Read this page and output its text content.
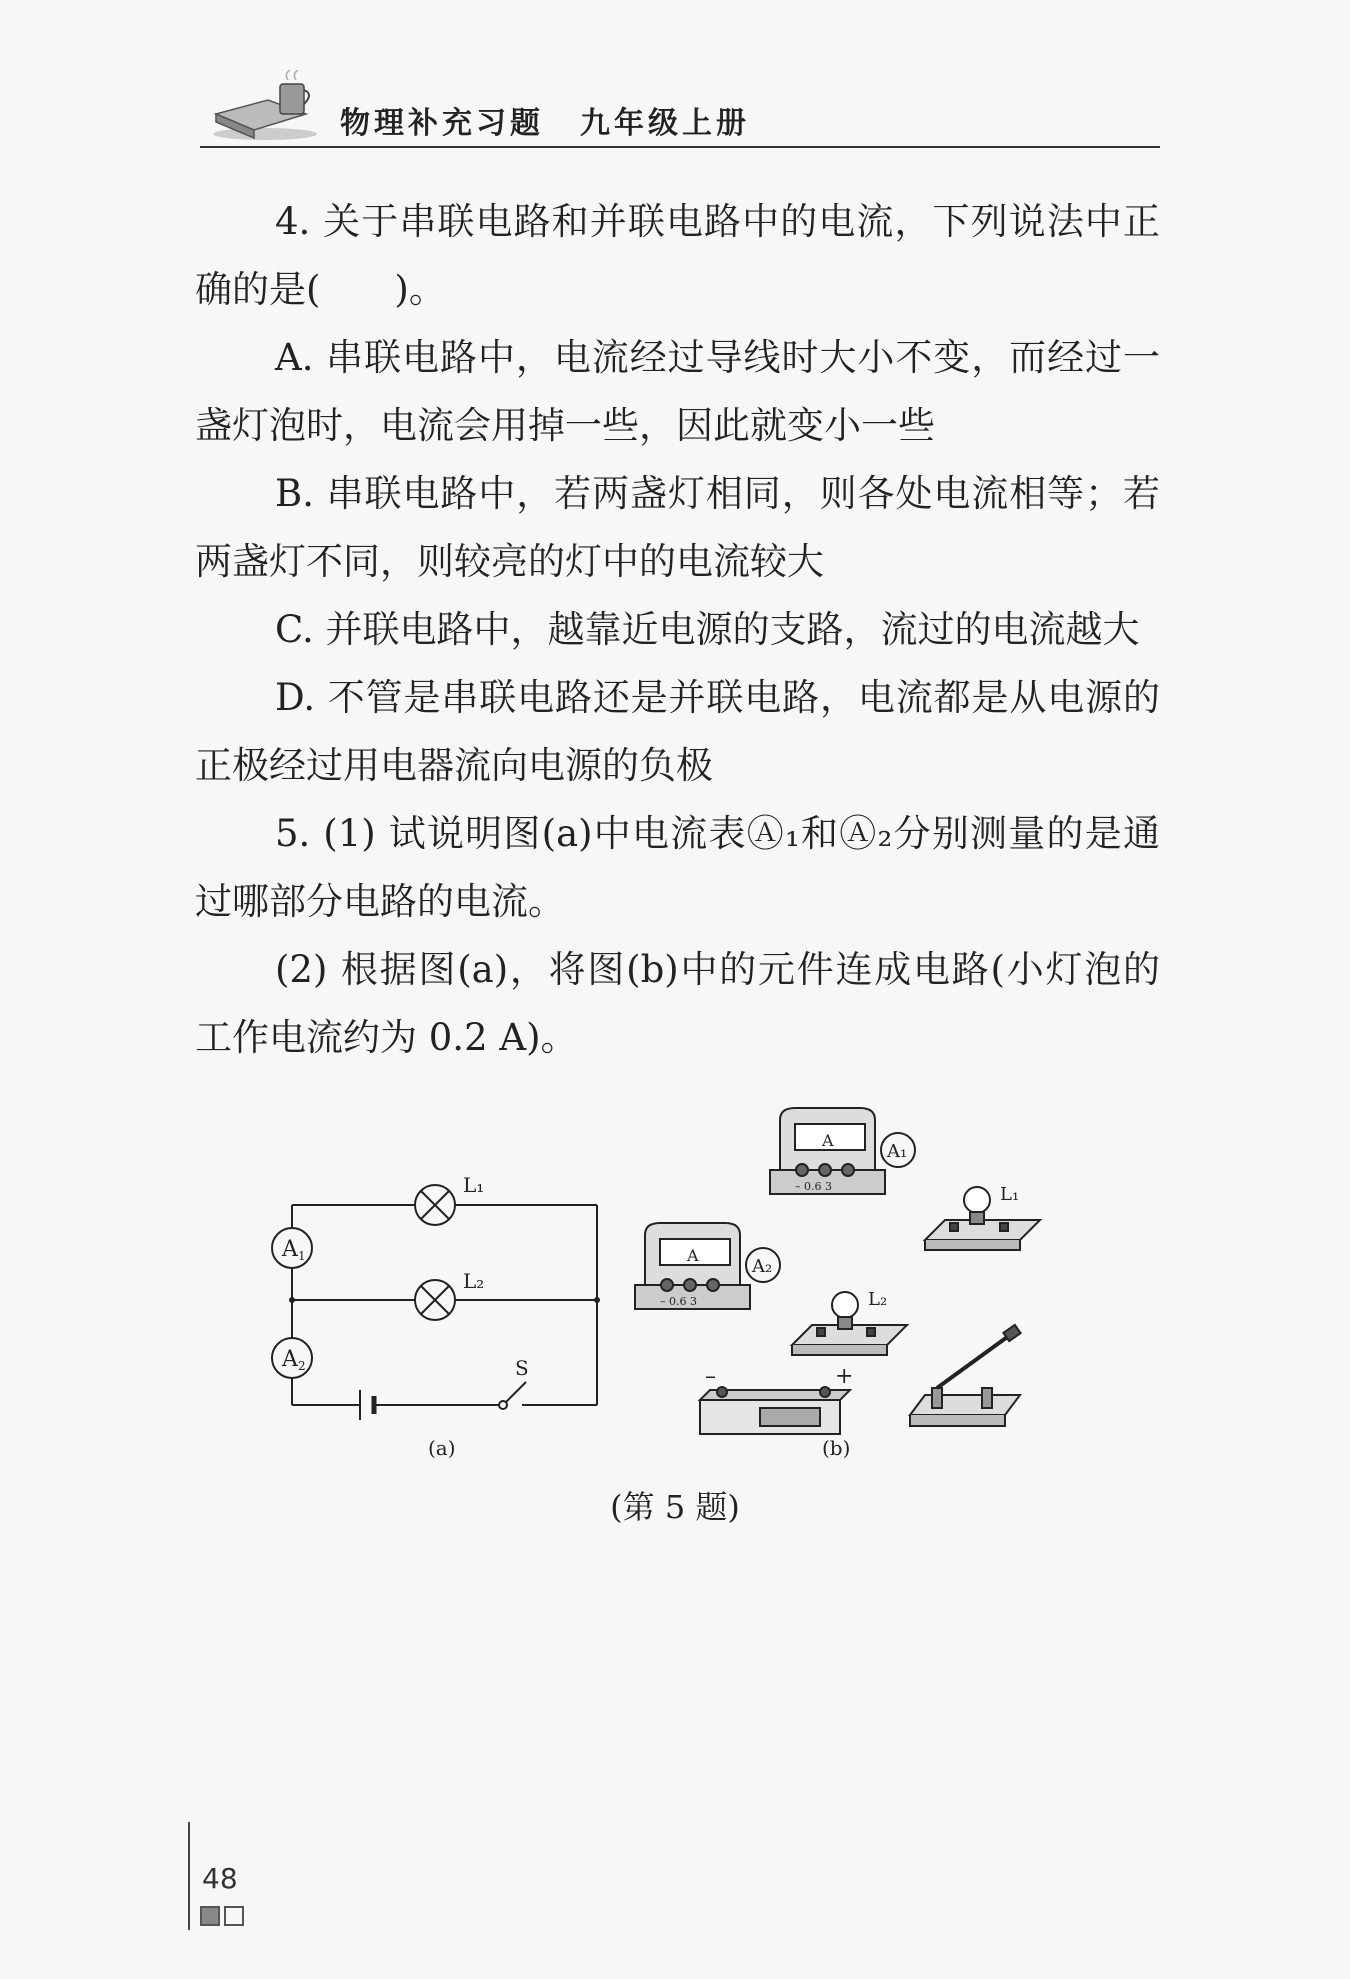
物理补充习题 九年级上册

4. 关于串联电路和并联电路中的电流，下列说法中正确的是(　　)。

A. 串联电路中，电流经过导线时大小不变，而经过一盏灯泡时，电流会用掉一些，因此就变小一些

B. 串联电路中，若两盏灯相同，则各处电流相等；若两盏灯不同，则较亮的灯中的电流较大

C. 并联电路中，越靠近电源的支路，流过的电流越大

D. 不管是串联电路还是并联电路，电流都是从电源的正极经过用电器流向电源的负极

5. (1) 试说明图(a)中电流表Ⓐ₁和Ⓐ₂分别测量的是通过哪部分电路的电流。

(2) 根据图(a)，将图(b)中的元件连成电路(小灯泡的工作电流约为 0.2 A)。

L₁
L₂
A 1
A 2	S
(a)
A
– 0.6 3
A₁
L₁
A
– 0.6 3
A₂
L₂
–	+
(b)
(第 5 题)
48
